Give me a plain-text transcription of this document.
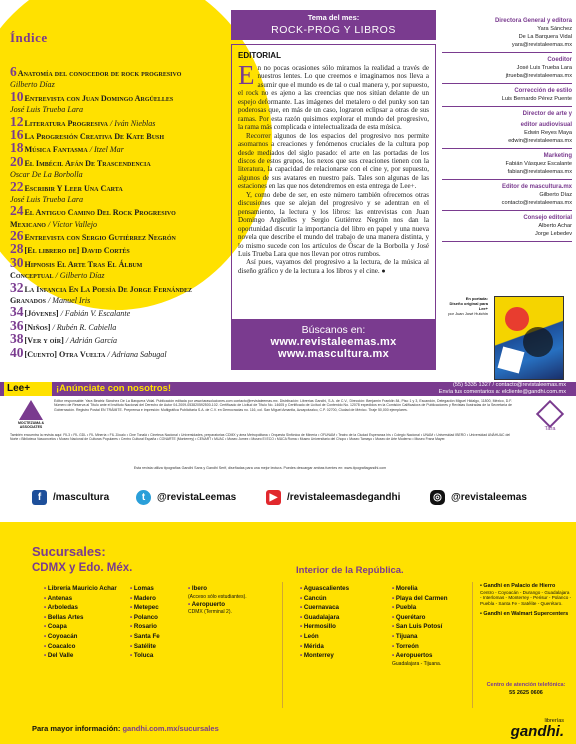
Índice
6Anatomía del conocedor de rock progresivo
Gilberto Díaz
10Entrevista con Juan Domingo Argüelles
José Luis Trueba Lara
12Literatura Progresiva / Iván Nieblas
16La Progresión Creativa De Kate Bush
18Música Fantasma / Itzel Mar
20El Imbécil Afán De Trascendencia
Oscar De La Borbolla
22Escribir Y Leer Una Carta
José Luis Trueba Lara
24El Antiguo Camino Del Rock Progresivo
Mexicano / Víctor Vallejo
26Entrevista con Sergio Gutiérrez Negrón
28[El librero de] David Cortés
30Hipnosis El Arte Tras El Álbum
Conceptual / Gilberto Díaz
32La Infancia En La Poesía De Jorge Fernández
Granados / Manuel Iris
34[Jóvenes] / Fabián V. Escalante
36[Niños] / Rubén R. Cabiella
38[Ver y oír] / Adrián García
40[Cuento] Otra Vuelta / Adriana Sabugal
Tema del mes:
ROCK-PROG Y LIBROS
EDITORIAL

En no pocas ocasiones sólo miramos la realidad a través de nuestros lentes. Lo que creemos e imaginamos nos lleva a asumir que el mundo es de tal o cual manera y, por supuesto, el rock no es ajeno a las creencias que nos sitúan delante de un espejo deformante. Las imágenes del metalero o del punky son tan poderosas que, en más de un caso, lograron eclipsar a otras de sus ramas. Por esta razón quisimos explorar el mundo del progresivo, la rama más complicada e intelectualizada de esta música.

Recorrer algunos de los espacios del progresivo nos permite asomarnos a creaciones y fenómenos cruciales de la cultura pop desde mediados del siglo pasado: el arte en las portadas de los discos de estos grupos, los nexos que sus creaciones tienen con la literatura, la capacidad de relacionarse con el cine y, por supuesto, algunos de sus avatares en nuestro país. Tales son algunas de las estaciones en las que nos detendremos en esta entrega de Lee+.

Y, como debe de ser, en este número también ofrecemos otras discusiones que se alejan del progresivo y se adentran en el pensamiento, la lectura y los libros: las entrevistas con Juan Domingo Argüelles y Sergio Gutiérrez Negrón nos dan la oportunidad discutir la importancia del libro en papel y una nueva novela que describe el mundo del trabajo de una manera distinta, y lo mismo sucede con los artículos de Óscar de la Borbolla y José Luis Trueba Lara que nos llevan por otros rumbos.

Así pues, vayamos del progresivo a la lectura, de la música al diseño gráfico y de la lectura a los libros y el cine. ●

Búscanos en:
www.revistaleemas.mx
www.mascultura.mx
Directora General y editora
Yara Sánchez
De La Barquera Vidal
yara@revistaleemas.mx
Coeditor
José Luis Trueba Lara
jtrueba@revistaleemas.mx
Corrección de estilo
Luis Bernardo Pérez Puente
Director de arte y
editor audiovisual
Edwin Reyes Maya
edwin@revistaleemas.mx
Marketing
Fabián Vásquez Escalante
fabian@revistaleemas.mx
Editor de mascultura.mx
Gilberto Díaz
contacto@revistaleemas.mx
Consejo editorial
Alberto Achar
Jorge Lebedev
En portada:
Diseño original para Lee+
por Juan José Hutchin
Lee+	¡Anúnciate con nosotros!	(55) 5335 1327 / contacto@revistaleemas.mx
Envía tus comentarios a: elcliente@gandhi.com.mx
MOCTEZUMA & ASSOCIATES
Editor responsable: Yara Beatriz Sánchez De La Barquera Vidal. Publicación editada por www.tarasoluciones.com contacto@revistaleemas.mx. Distribución: Librerías Gandhi, S.A. de C.V., Dirección: Benjamín Franklin 84, Piso 1 y 3, Escandón, Delegación Miguel Hidalgo, 11800, México, D.F. Número de Reserva al Título ante el Instituto Nacional del Derecho de Autor 04-2009-053820592500-102. Certificado de Licitud de Título No. 14605 y Certificado de Licitud de Contenido No. 12078 expedidos en la Comisión Calificadora de Publicaciones y Revistas Ilustradas de la Secretaría de Gobernación. Registro Postal EN TRÁMITE. Preprensa e impresión: Multigráfica Publicitaria S.A. de C.V. en Democracias no. 116, col. San Miguel Amantla, Azcapotzalco, C.P. 02700, Ciudad de México. Tiraje 50,000 ejemplares.
También encuentra la revista aquí: FIL3 • FIL GDL • FIL Minería • FIL Zócalo • Cine Tonalá • Cineteca Nacional • Universidades, preparatorias CDMX y área Metropolitana • Orquesta Sinfónica de Minería • OFUNAM • Teatro de la Ciudad Esperanza Iris • Colegio Nacional • UNAM • Universidad IBERO • Universidad ANÁHUAC del Norte • Biblioteca Vasconcelos • Museo Nacional de Culturas Populares • Centro Cultural España • CONARTE (Monterrey) • CENART • MUAC • Museo Jumex • Museo El ECO • MUCA Roma • Museo Universitario del Chopo • Museo Tamayo • Museo de Arte Moderno • Museo Franz Mayer.
Esta revista utiliza tipografías Gandhi Sans y Gandhi Serif, diseñadas para una mejor lectura. Puedes descargar ambas fuentes en: www.tipografiagandhi.com
Tara
f	/mascultura	t	@revistaLeemas	▶ /revistaleemasdegandhi	◎ @revistaleemas
Sucursales:
CDMX y Edo. Méx.	Interior de la República.
• Librería Mauricio Achar
• Antenas
• Arboledas
• Bellas Artes
• Coapa
• Coyoacán
• Coacalco
• Del Valle
• Lomas
• Madero
• Metepec
• Polanco
• Rosario
• Santa Fe
• Satélite
• Toluca
• Ibero
(Acceso sólo estudiantes).
• Aeropuerto
CDMX (Terminal 2).
• Aguascalientes
• Cancún
• Cuernavaca
• Guadalajara
• Hermosillo
• León
• Mérida
• Monterrey
• Morelia
• Playa del Carmen
• Puebla
• Querétaro
• San Luis Potosí
• Tijuana
• Torreón
• Aeropuertos
Guadalajara - Tijuana.
• Gandhi en Palacio de Hierro
Centro - Coyoacán - Durango - Guadalajara - Interlomas - Monterrey - Perisur - Polanco - Puebla - Santa Fe - Satélite - Querétaro.
• Gandhi en Walmart Supercenters
Centro de atención telefónica:
55 2625 0606
Para mayor información: gandhi.com.mx/sucursales
librerías
gandhi.
